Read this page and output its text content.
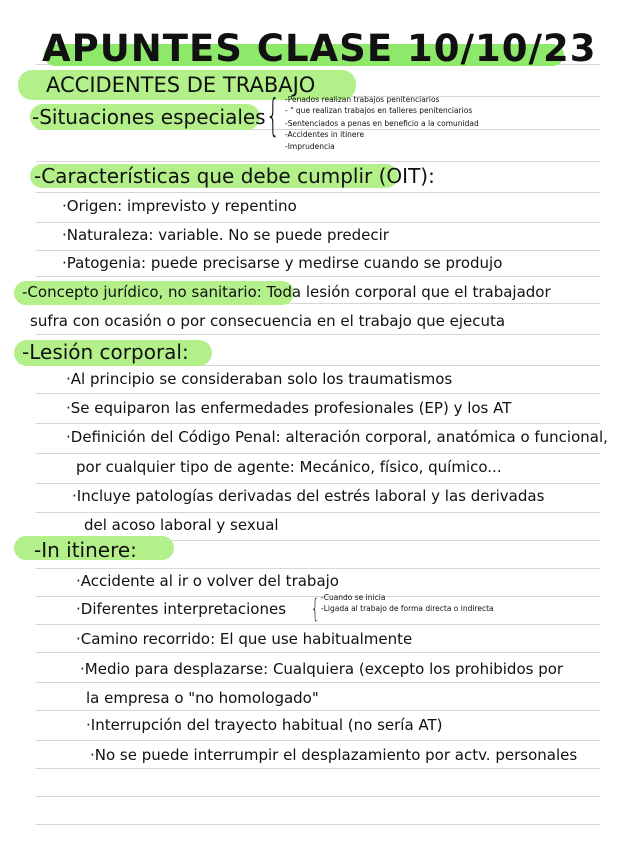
APUNTES CLASE 10/10/23
ACCIDENTES DE TRABAJO
-Situaciones especiales { -Penados realizan trabajos penitenciarios
- " que realizan trabajos en talleres penitenciarios
-Sentenciados a penas en beneficio a la comunidad
-Accidentes in itinere
-Imprudencia
-Características que debe cumplir (OIT):
·Origen: imprevisto y repentino
·Naturaleza: variable. No se puede predecir
·Patogenia: puede precisarse y medirse cuando se produjo
-Concepto jurídico, no sanitario: Toda lesión corporal que el trabajador
sufra con ocasión o por consecuencia en el trabajo que ejecuta
-Lesión corporal:
·Al principio se consideraban solo los traumatismos
·Se equiparon las enfermedades profesionales (EP) y los AT
·Definición del Código Penal: alteración corporal, anatómica o funcional,
por cualquier tipo de agente: Mecánico, físico, químico...
·Incluye patologías derivadas del estrés laboral y las derivadas
del acoso laboral y sexual
-In itinere:
·Accidente al ir o volver del trabajo
·Diferentes interpretaciones { -Cuando se inicia
-Ligada al trabajo de forma directa o indirecta
·Camino recorrido: El que use habitualmente
·Medio para desplazarse: Cualquiera (excepto los prohibidos por
la empresa o "no homologado"
·Interrupción del trayecto habitual (no sería AT)
·No se puede interrumpir el desplazamiento por actv. personales
